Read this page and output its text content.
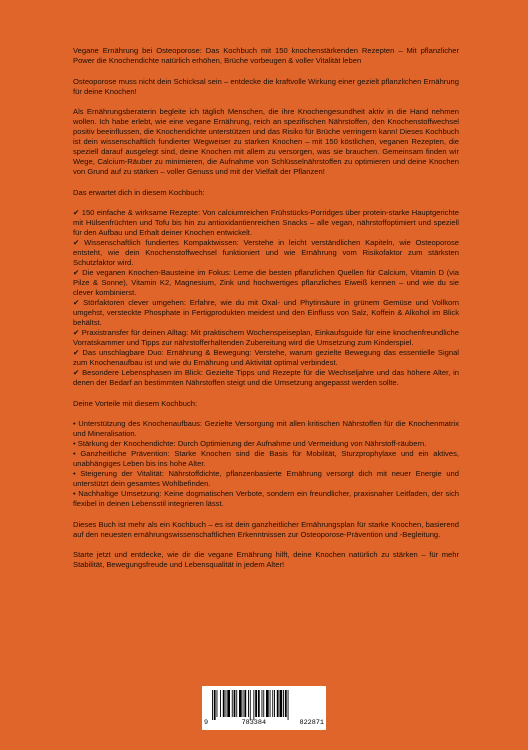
Vegane Ernährung bei Osteoporose: Das Kochbuch mit 150 knochenstärkenden Rezepten – Mit pflanzlicher Power die Knochendichte natürlich erhöhen, Brüche vorbeugen & voller Vitalität leben

Osteoporose muss nicht dein Schicksal sein – entdecke die kraftvolle Wirkung einer gezielt pflanzlichen Ernährung für deine Knochen!

Als Ernährungsberaterin begleite ich täglich Menschen, die ihre Knochengesundheit aktiv in die Hand nehmen wollen. Ich habe erlebt, wie eine vegane Ernährung, reich an spezifischen Nährstoffen, den Knochenstoffwechsel positiv beeinflussen, die Knochendichte unterstützen und das Risiko für Brüche verringern kann! Dieses Kochbuch ist dein wissenschaftlich fundierter Wegweiser zu starken Knochen – mit 150 köstlichen, veganen Rezepten, die speziell darauf ausgelegt sind, deine Knochen mit allem zu versorgen, was sie brauchen. Gemeinsam finden wir Wege, Calcium-Räuber zu minimieren, die Aufnahme von Schlüsselnährstoffen zu optimieren und deine Knochen von Grund auf zu stärken – voller Genuss und mit der Vielfalt der Pflanzen!

Das erwartet dich in diesem Kochbuch:

✔ 150 einfache & wirksame Rezepte: Von calciumreichen Frühstücks-Porridges über protein-starke Hauptgerichte mit Hülsenfrüchten und Tofu bis hin zu antioxidantienreichen Snacks – alle vegan, nährstoffoptimiert und speziell für den Aufbau und Erhalt deiner Knochen entwickelt.
✔ Wissenschaftlich fundiertes Kompaktwissen: Verstehe in leicht verständlichen Kapiteln, wie Osteoporose entsteht, wie dein Knochenstoffwechsel funktioniert und wie Ernährung vom Risikofaktor zum stärksten Schutzfaktor wird.
✔ Die veganen Knochen-Bausteine im Fokus: Lerne die besten pflanzlichen Quellen für Calcium, Vitamin D (via Pilze & Sonne), Vitamin K2, Magnesium, Zink und hochwertiges pflanzliches Eiweiß kennen – und wie du sie clever kombinierst.
✔ Störfaktoren clever umgehen: Erfahre, wie du mit Oxal- und Phytinsäure in grünem Gemüse und Vollkorn umgehst, versteckte Phosphate in Fertigprodukten meidest und den Einfluss von Salz, Koffein & Alkohol im Blick behältst.
✔ Praxistransfer für deinen Alltag: Mit praktischem Wochenspeiseplan, Einkaufsguide für eine knochenfreundliche Vorratskammer und Tipps zur nährstofferhaltenden Zubereitung wird die Umsetzung zum Kinderspiel.
✔ Das unschlagbare Duo: Ernährung & Bewegung: Verstehe, warum gezielte Bewegung das essentielle Signal zum Knochenaufbau ist und wie du Ernährung und Aktivität optimal verbindest.
✔ Besondere Lebensphasen im Blick: Gezielte Tipps und Rezepte für die Wechseljahre und das höhere Alter, in denen der Bedarf an bestimmten Nährstoffen steigt und die Umsetzung angepasst werden sollte.

Deine Vorteile mit diesem Kochbuch:

• Unterstützung des Knochenaufbaus: Gezielte Versorgung mit allen kritischen Nährstoffen für die Knochenmatrix und Mineralisation.
• Stärkung der Knochendichte: Durch Optimierung der Aufnahme und Vermeidung von Nährstoff-räubern.
• Ganzheitliche Prävention: Starke Knochen sind die Basis für Mobilität, Sturzprophylaxe und ein aktives, unabhängiges Leben bis ins hohe Alter.
• Steigerung der Vitalität: Nährstoffdichte, pflanzenbasierte Ernährung versorgt dich mit neuer Energie und unterstützt dein gesamtes Wohlbefinden.
• Nachhaltige Umsetzung: Keine dogmatischen Verbote, sondern ein freundlicher, praxisnaher Leitfaden, der sich flexibel in deinen Lebensstil integrieren lässt.

Dieses Buch ist mehr als ein Kochbuch – es ist dein ganzheitlicher Ernährungsplan für starke Knochen, basierend auf den neuesten ernährungswissenschaftlichen Erkenntnissen zur Osteoporose-Prävention und -Begleitung.

Starte jetzt und entdecke, wie dir die vegane Ernährung hilft, deine Knochen natürlich zu stärken – für mehr Stabilität, Bewegungsfreude und Lebensqualität in jedem Alter!

9	783384	822871
